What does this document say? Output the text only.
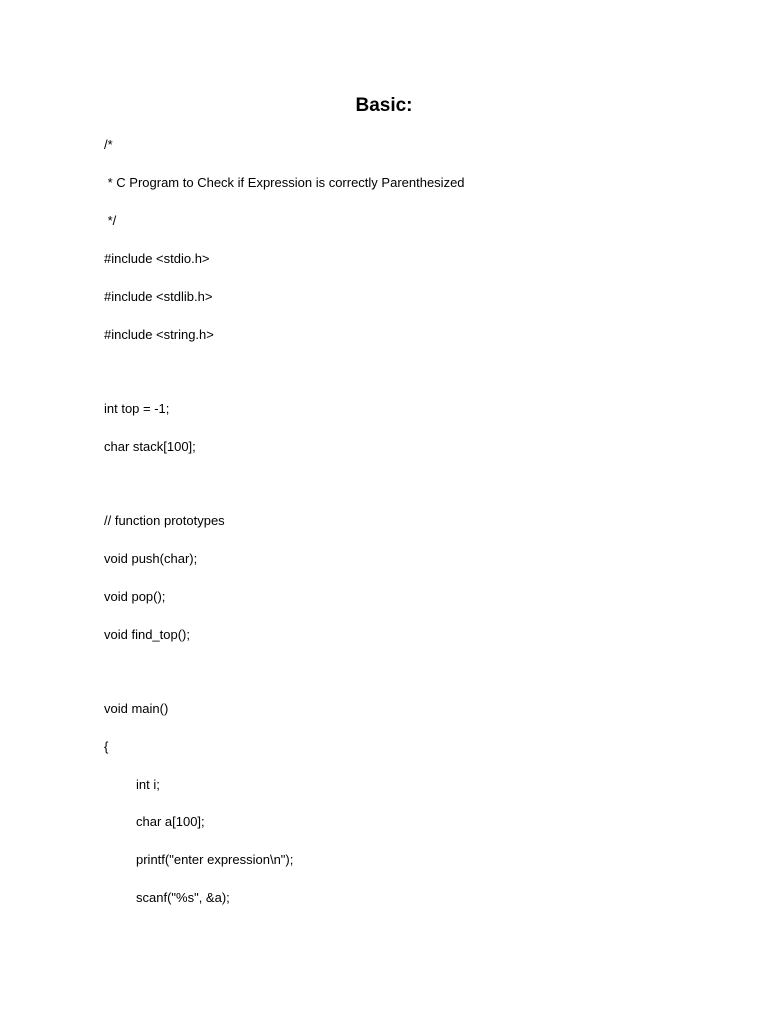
Basic:
/*
* C Program to Check if Expression is correctly Parenthesized
*/
#include <stdio.h>
#include <stdlib.h>
#include <string.h>
int top = -1;
char stack[100];
// function prototypes
void push(char);
void pop();
void find_top();
void main()
{
int i;
char a[100];
printf("enter expression\n");
scanf("%s", &a);
